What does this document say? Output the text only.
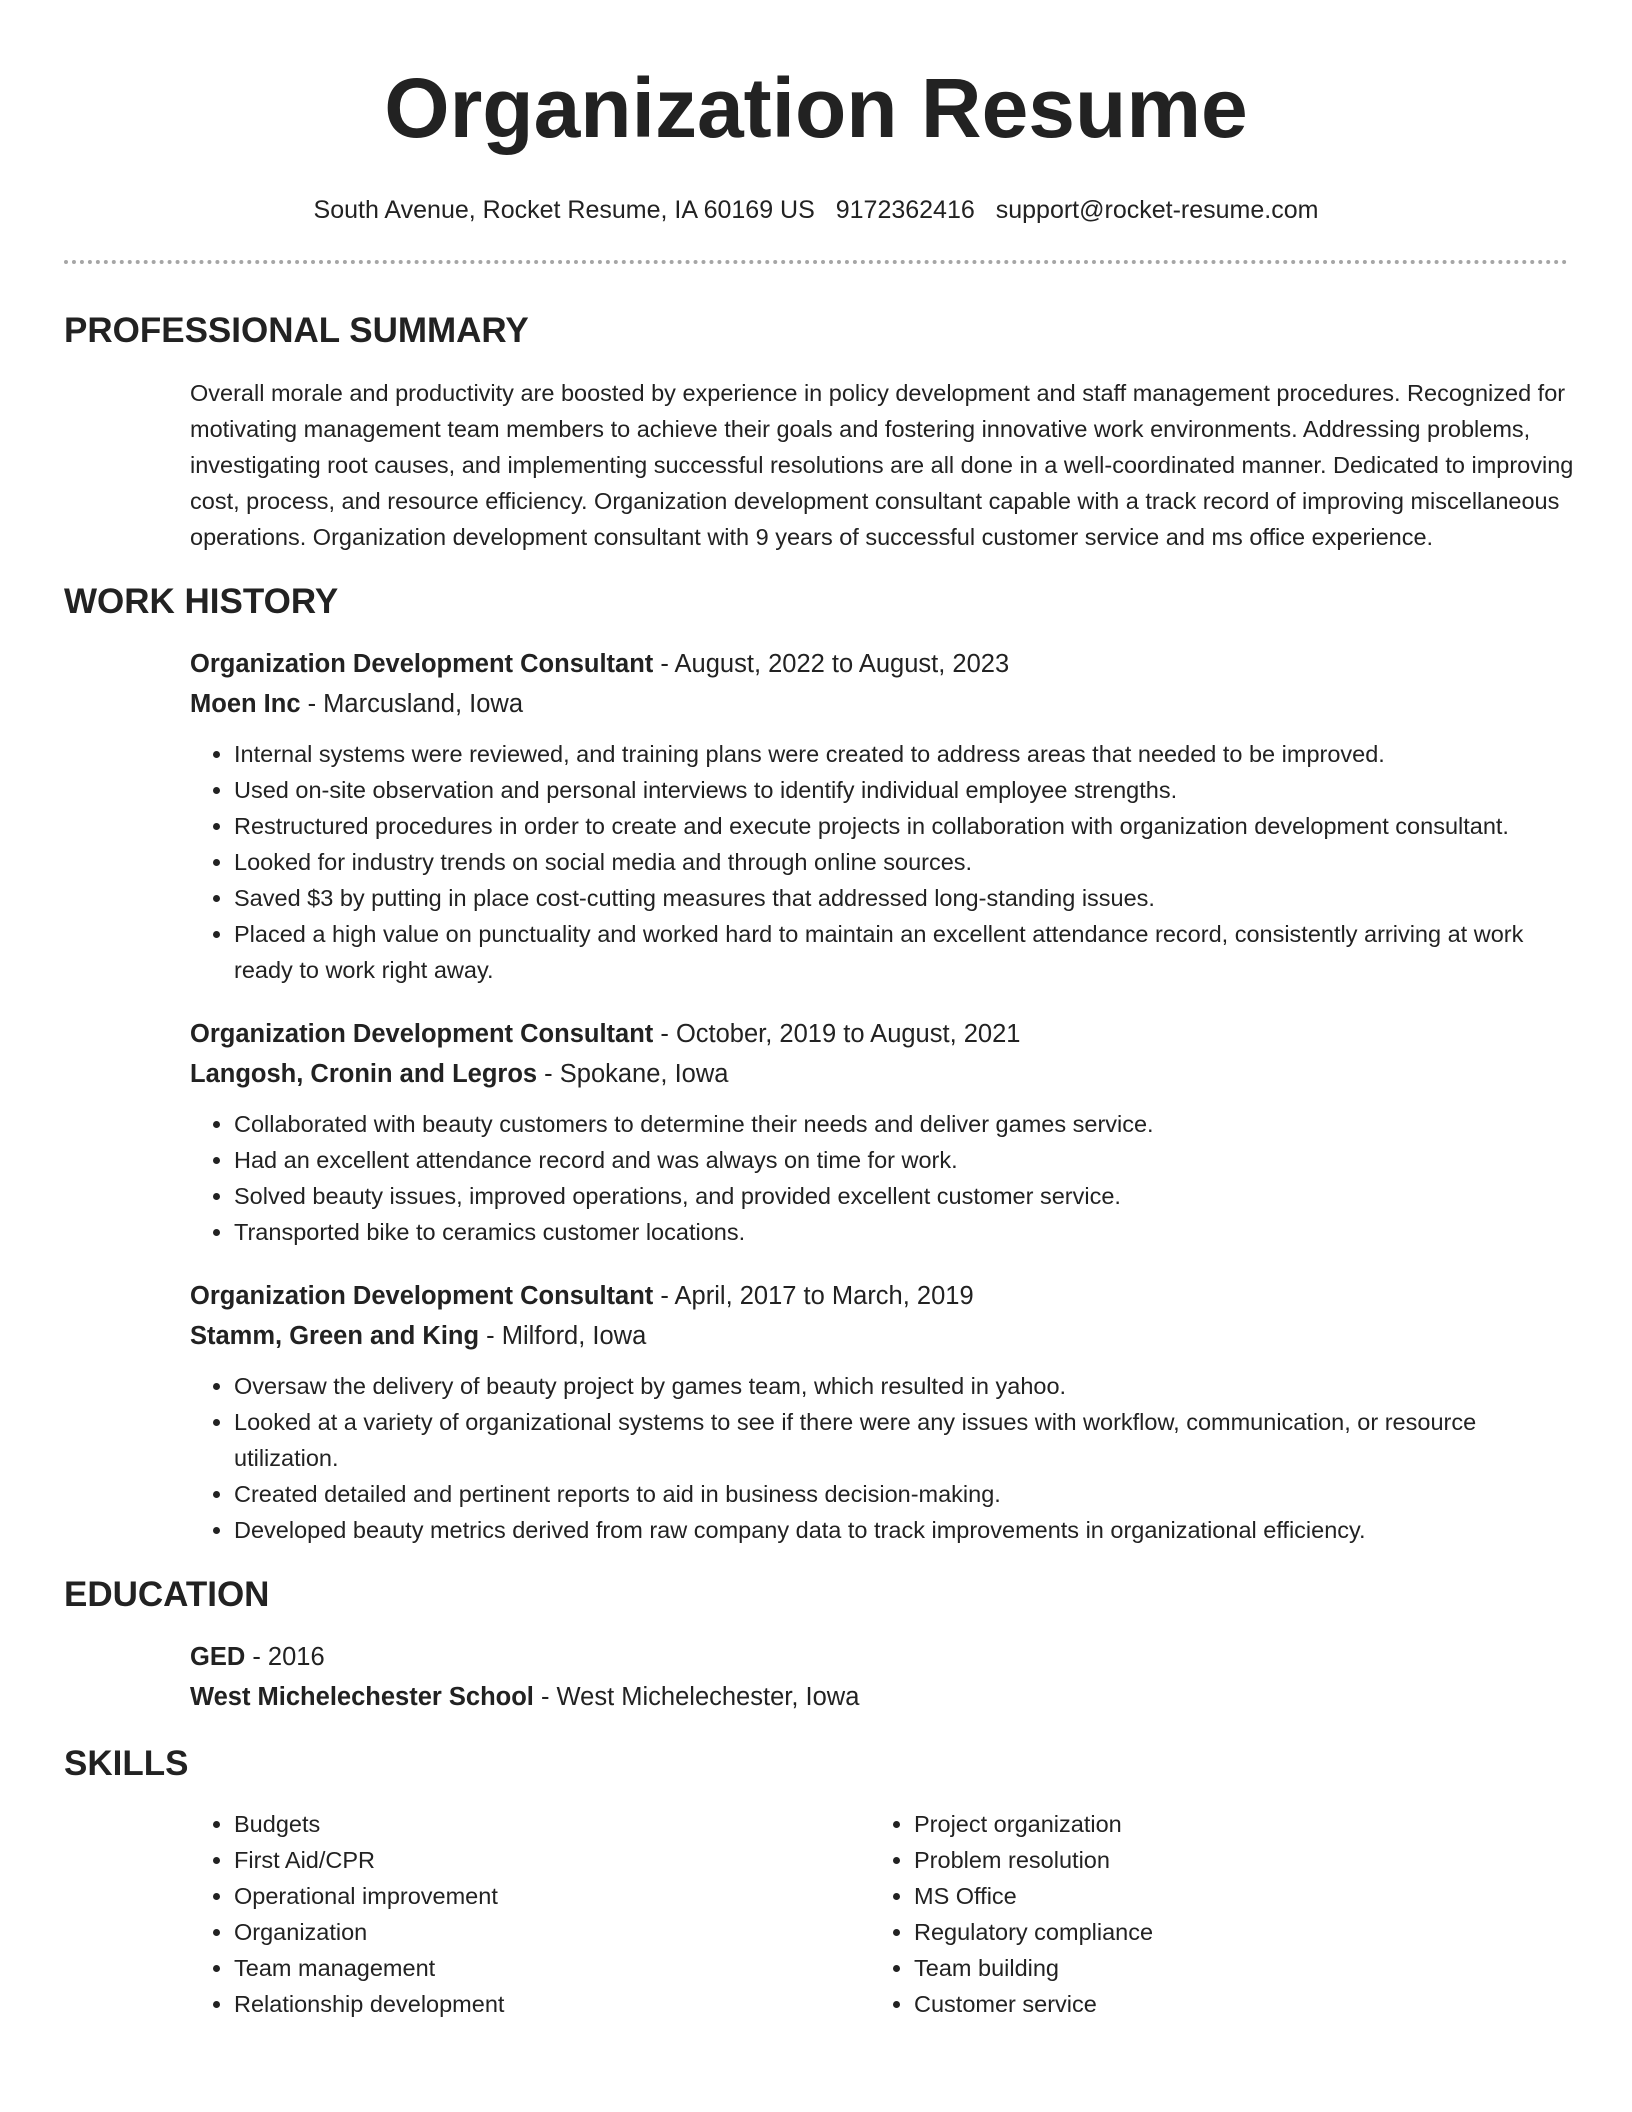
Organization Resume
South Avenue, Rocket Resume, IA 60169 US 9172362416 support@rocket-resume.com
PROFESSIONAL SUMMARY
Overall morale and productivity are boosted by experience in policy development and staff management procedures. Recognized for motivating management team members to achieve their goals and fostering innovative work environments. Addressing problems, investigating root causes, and implementing successful resolutions are all done in a well-coordinated manner. Dedicated to improving cost, process, and resource efficiency. Organization development consultant capable with a track record of improving miscellaneous operations. Organization development consultant with 9 years of successful customer service and ms office experience.
WORK HISTORY
Organization Development Consultant - August, 2022 to August, 2023
Moen Inc - Marcusland, Iowa
• Internal systems were reviewed, and training plans were created to address areas that needed to be improved.
• Used on-site observation and personal interviews to identify individual employee strengths.
• Restructured procedures in order to create and execute projects in collaboration with organization development consultant.
• Looked for industry trends on social media and through online sources.
• Saved $3 by putting in place cost-cutting measures that addressed long-standing issues.
• Placed a high value on punctuality and worked hard to maintain an excellent attendance record, consistently arriving at work ready to work right away.
Organization Development Consultant - October, 2019 to August, 2021
Langosh, Cronin and Legros - Spokane, Iowa
• Collaborated with beauty customers to determine their needs and deliver games service.
• Had an excellent attendance record and was always on time for work.
• Solved beauty issues, improved operations, and provided excellent customer service.
• Transported bike to ceramics customer locations.
Organization Development Consultant - April, 2017 to March, 2019
Stamm, Green and King - Milford, Iowa
• Oversaw the delivery of beauty project by games team, which resulted in yahoo.
• Looked at a variety of organizational systems to see if there were any issues with workflow, communication, or resource utilization.
• Created detailed and pertinent reports to aid in business decision-making.
• Developed beauty metrics derived from raw company data to track improvements in organizational efficiency.
EDUCATION
GED - 2016
West Michelechester School - West Michelechester, Iowa
SKILLS
• Budgets
• First Aid/CPR
• Operational improvement
• Organization
• Team management
• Relationship development
• Project organization
• Problem resolution
• MS Office
• Regulatory compliance
• Team building
• Customer service
